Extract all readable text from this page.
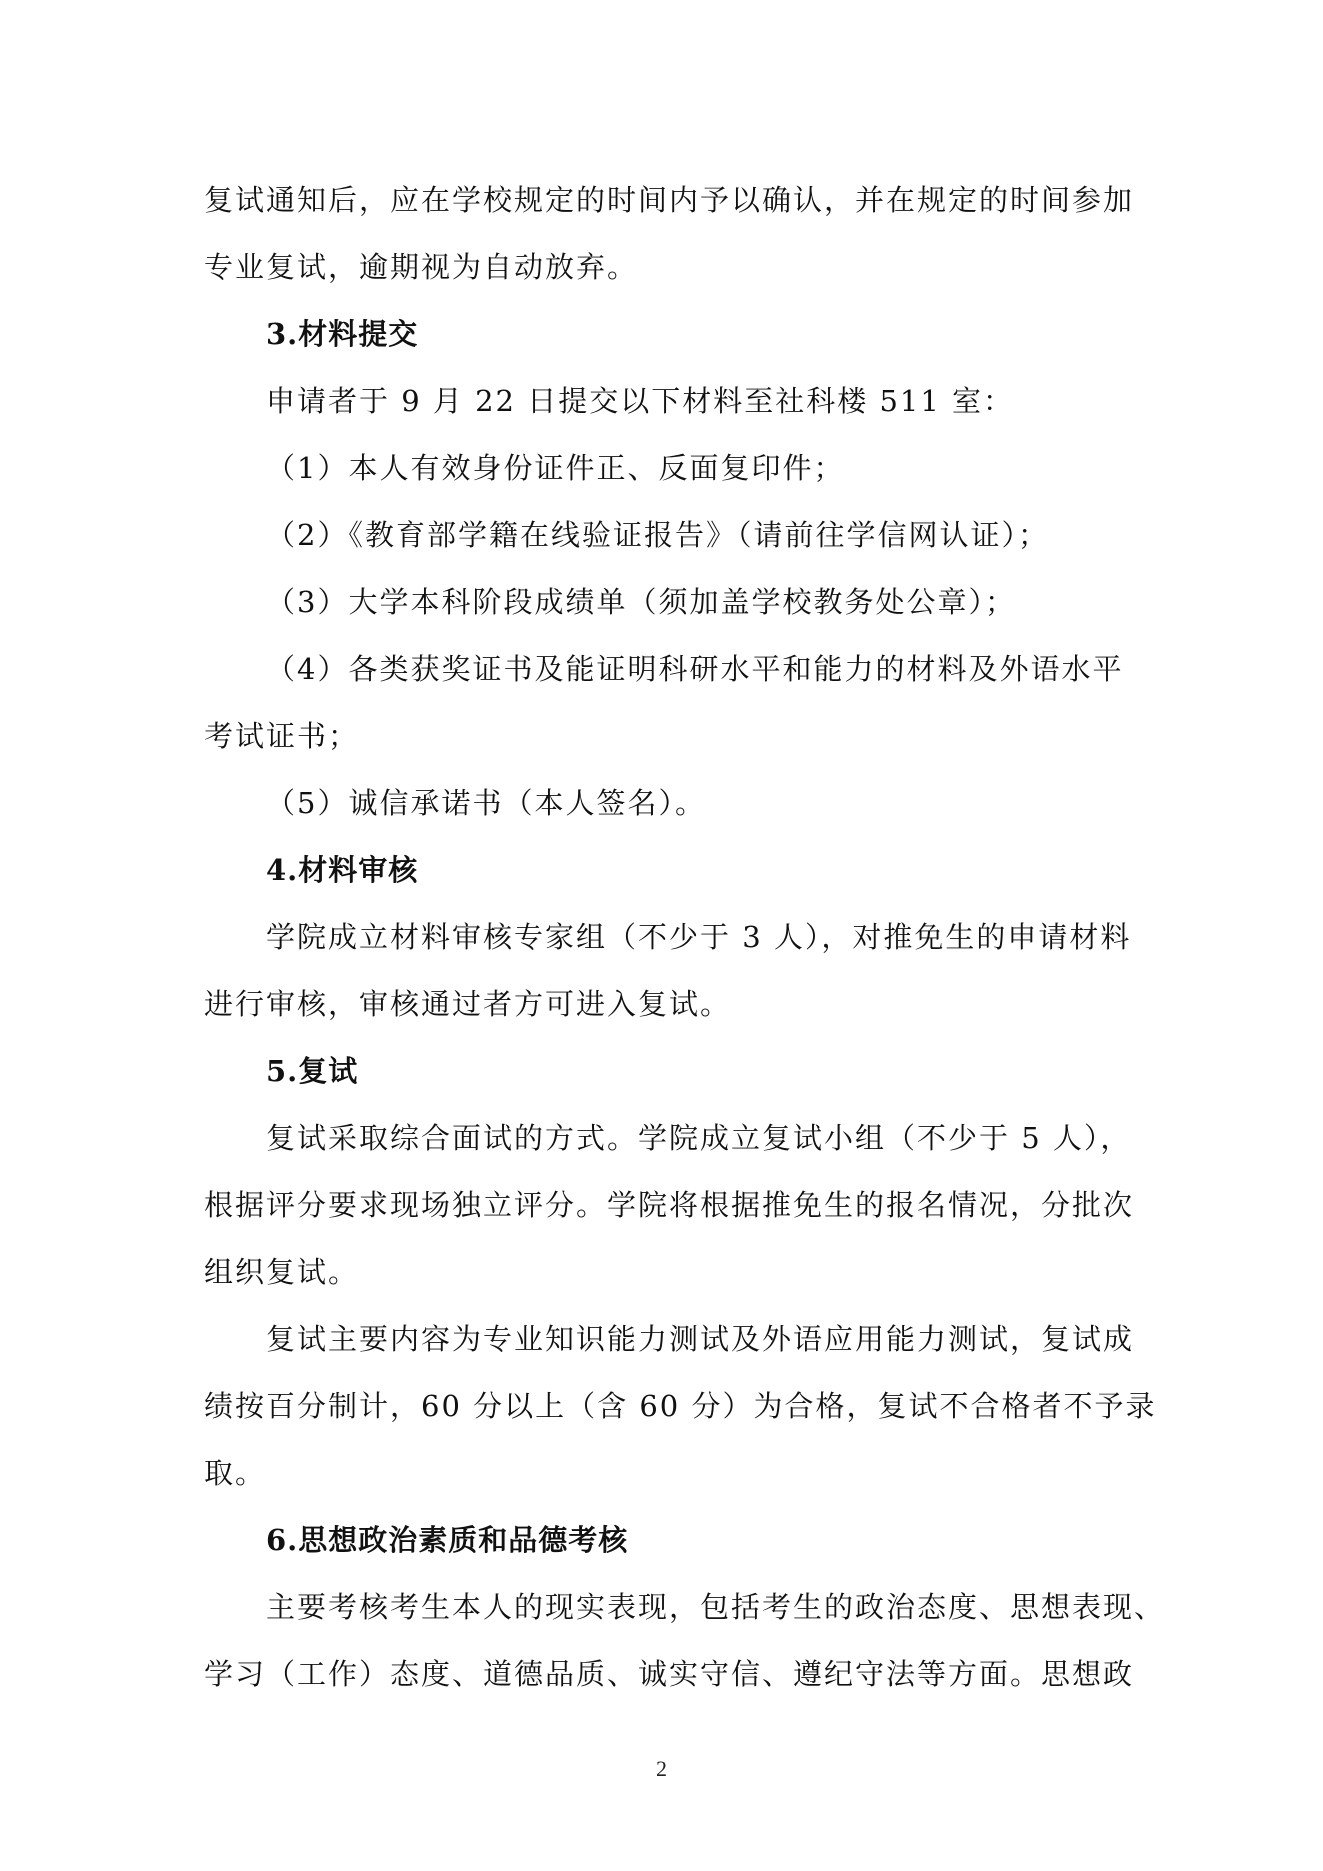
复试通知后，应在学校规定的时间内予以确认，并在规定的时间参加
专业复试，逾期视为自动放弃。
3.材料提交
申请者于 9 月 22 日提交以下材料至社科楼 511 室：
（1）本人有效身份证件正、反面复印件；
（2）《教育部学籍在线验证报告》（请前往学信网认证）；
（3）大学本科阶段成绩单（须加盖学校教务处公章）；
（4）各类获奖证书及能证明科研水平和能力的材料及外语水平
考试证书；
（5）诚信承诺书（本人签名）。
4.材料审核
学院成立材料审核专家组（不少于 3 人），对推免生的申请材料
进行审核，审核通过者方可进入复试。
5.复试
复试采取综合面试的方式。学院成立复试小组（不少于 5 人），
根据评分要求现场独立评分。学院将根据推免生的报名情况，分批次
组织复试。
复试主要内容为专业知识能力测试及外语应用能力测试，复试成
绩按百分制计，60 分以上（含 60 分）为合格，复试不合格者不予录
取。
6.思想政治素质和品德考核
主要考核考生本人的现实表现，包括考生的政治态度、思想表现、
学习（工作）态度、道德品质、诚实守信、遵纪守法等方面。思想政
2
